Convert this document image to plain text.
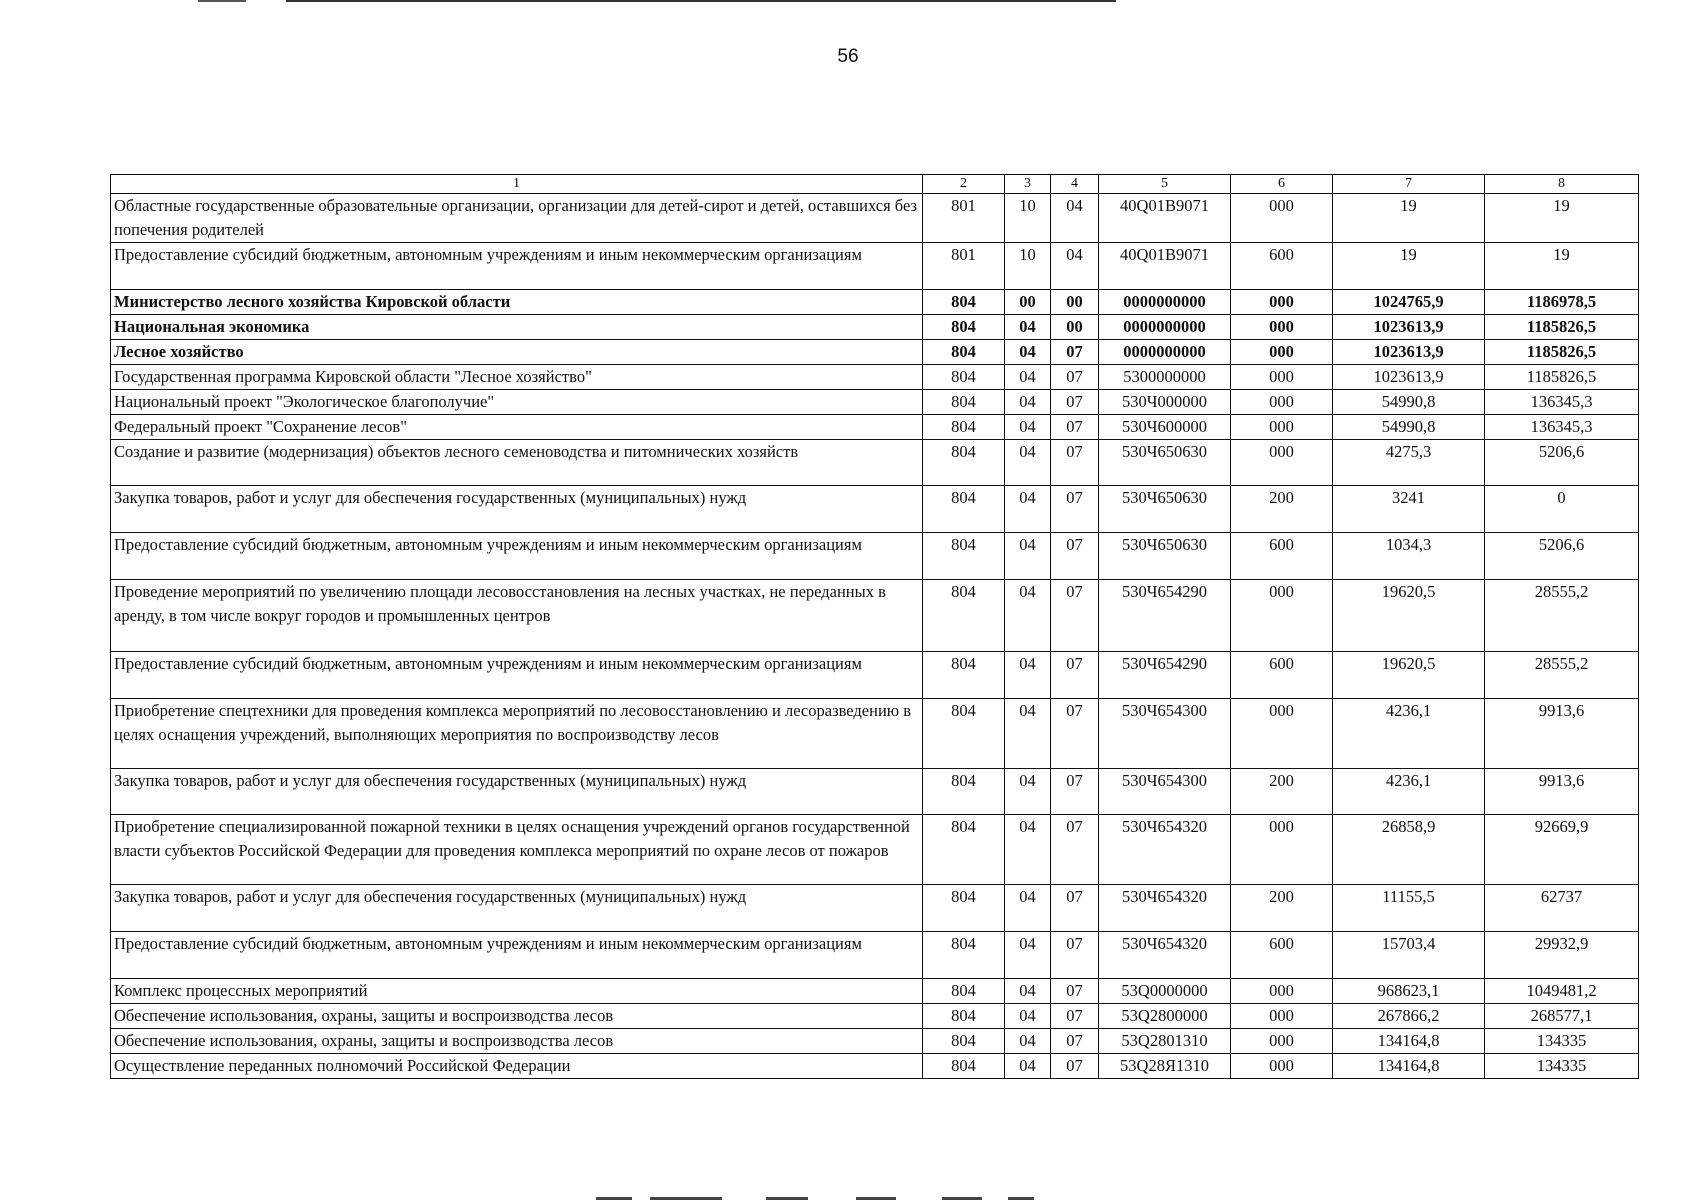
56
1	2	3	4	5	6	7	8
Областные государственные образовательные организации, организации для детей-сирот и детей, оставшихся без попечения родителей	801	10	04	40Q01B9071	000	19	19
Предоставление субсидий бюджетным, автономным учреждениям и иным некоммерческим организациям	801	10	04	40Q01B9071	600	19	19
Министерство лесного хозяйства Кировской области	804	00	00	0000000000	000	1024765,9	1186978,5
Национальная экономика	804	04	00	0000000000	000	1023613,9	1185826,5
Лесное хозяйство	804	04	07	0000000000	000	1023613,9	1185826,5
Государственная программа Кировской области "Лесное хозяйство"	804	04	07	5300000000	000	1023613,9	1185826,5
Национальный проект "Экологическое благополучие"	804	04	07	530Ч000000	000	54990,8	136345,3
Федеральный проект "Сохранение лесов"	804	04	07	530Ч600000	000	54990,8	136345,3
Создание и развитие (модернизация) объектов лесного семеноводства и питомнических хозяйств	804	04	07	530Ч650630	000	4275,3	5206,6
Закупка товаров, работ и услуг для обеспечения государственных (муниципальных) нужд	804	04	07	530Ч650630	200	3241	0
Предоставление субсидий бюджетным, автономным учреждениям и иным некоммерческим организациям	804	04	07	530Ч650630	600	1034,3	5206,6
Проведение мероприятий по увеличению площади лесовосстановления на лесных участках, не переданных в аренду, в том числе вокруг городов и промышленных центров	804	04	07	530Ч654290	000	19620,5	28555,2
Предоставление субсидий бюджетным, автономным учреждениям и иным некоммерческим организациям	804	04	07	530Ч654290	600	19620,5	28555,2
Приобретение спецтехники для проведения комплекса мероприятий по лесовосстановлению и лесоразведению в целях оснащения учреждений, выполняющих мероприятия по воспроизводству лесов	804	04	07	530Ч654300	000	4236,1	9913,6
Закупка товаров, работ и услуг для обеспечения государственных (муниципальных) нужд	804	04	07	530Ч654300	200	4236,1	9913,6
Приобретение специализированной пожарной техники в целях оснащения учреждений органов государственной власти субъектов Российской Федерации для проведения комплекса мероприятий по охране лесов от пожаров	804	04	07	530Ч654320	000	26858,9	92669,9
Закупка товаров, работ и услуг для обеспечения государственных (муниципальных) нужд	804	04	07	530Ч654320	200	11155,5	62737
Предоставление субсидий бюджетным, автономным учреждениям и иным некоммерческим организациям	804	04	07	530Ч654320	600	15703,4	29932,9
Комплекс процессных мероприятий	804	04	07	53Q0000000	000	968623,1	1049481,2
Обеспечение использования, охраны, защиты и воспроизводства лесов	804	04	07	53Q2800000	000	267866,2	268577,1
Обеспечение использования, охраны, защиты и воспроизводства лесов	804	04	07	53Q2801310	000	134164,8	134335
Осуществление переданных полномочий Российской Федерации	804	04	07	53Q28Я1310	000	134164,8	134335
